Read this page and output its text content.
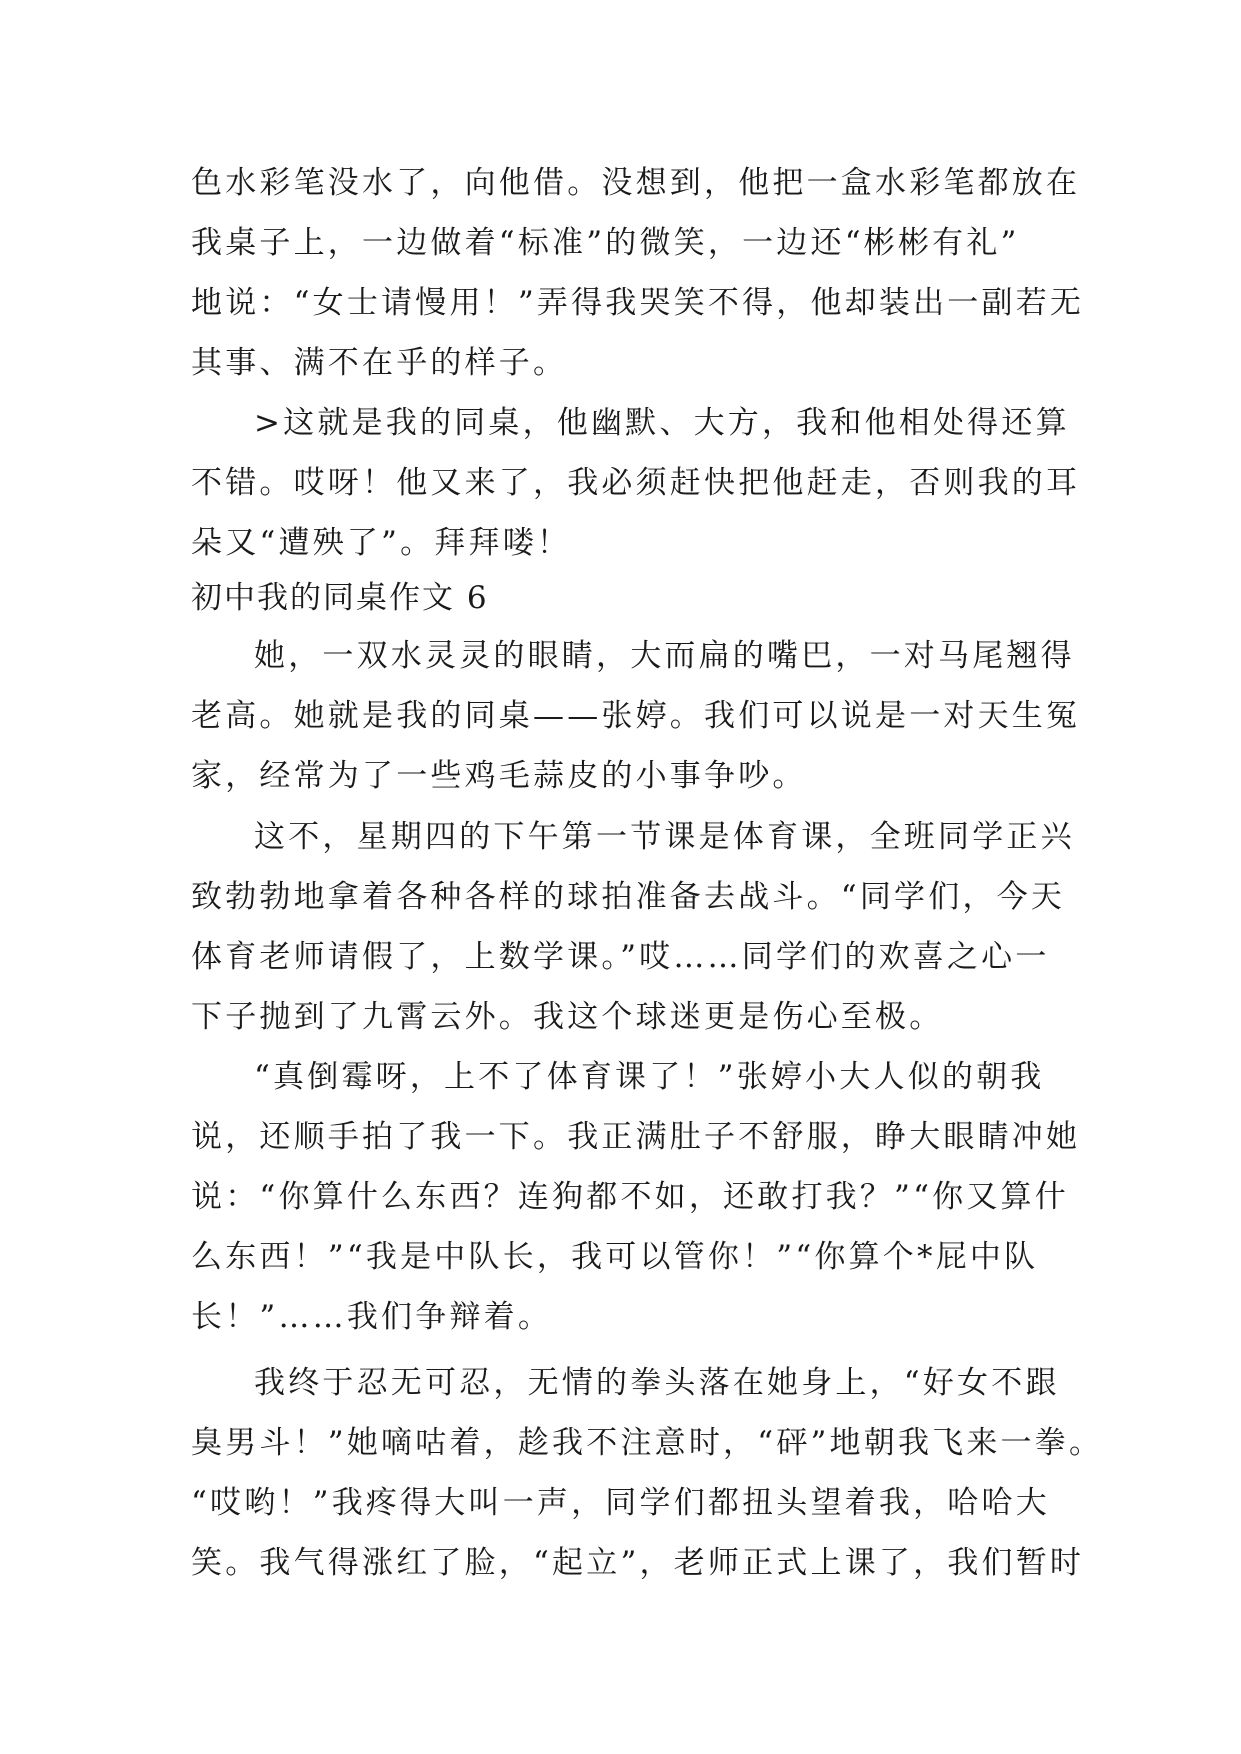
色水彩笔没水了，向他借。没想到，他把一盒水彩笔都放在
我桌子上，一边做着“标准”的微笑，一边还“彬彬有礼”
地说：“女士请慢用！”弄得我哭笑不得，他却装出一副若无
其事、满不在乎的样子。
>这就是我的同桌，他幽默、大方，我和他相处得还算
不错。哎呀！他又来了，我必须赶快把他赶走，否则我的耳
朵又“遭殃了”。拜拜喽！
初中我的同桌作文 6
她，一双水灵灵的眼睛，大而扁的嘴巴，一对马尾翘得
老高。她就是我的同桌——张婷。我们可以说是一对天生冤
家，经常为了一些鸡毛蒜皮的小事争吵。
这不，星期四的下午第一节课是体育课，全班同学正兴
致勃勃地拿着各种各样的球拍准备去战斗。“同学们，今天
体育老师请假了，上数学课。”哎……同学们的欢喜之心一
下子抛到了九霄云外。我这个球迷更是伤心至极。
“真倒霉呀，上不了体育课了！”张婷小大人似的朝我
说，还顺手拍了我一下。我正满肚子不舒服，睁大眼睛冲她
说：“你算什么东西？连狗都不如，还敢打我？”“你又算什
么东西！”“我是中队长，我可以管你！”“你算个*屁中队
长！”……我们争辩着。
我终于忍无可忍，无情的拳头落在她身上，“好女不跟
臭男斗！”她嘀咕着，趁我不注意时，“砰”地朝我飞来一拳。
“哎哟！”我疼得大叫一声，同学们都扭头望着我，哈哈大
笑。我气得涨红了脸，“起立”，老师正式上课了，我们暂时
